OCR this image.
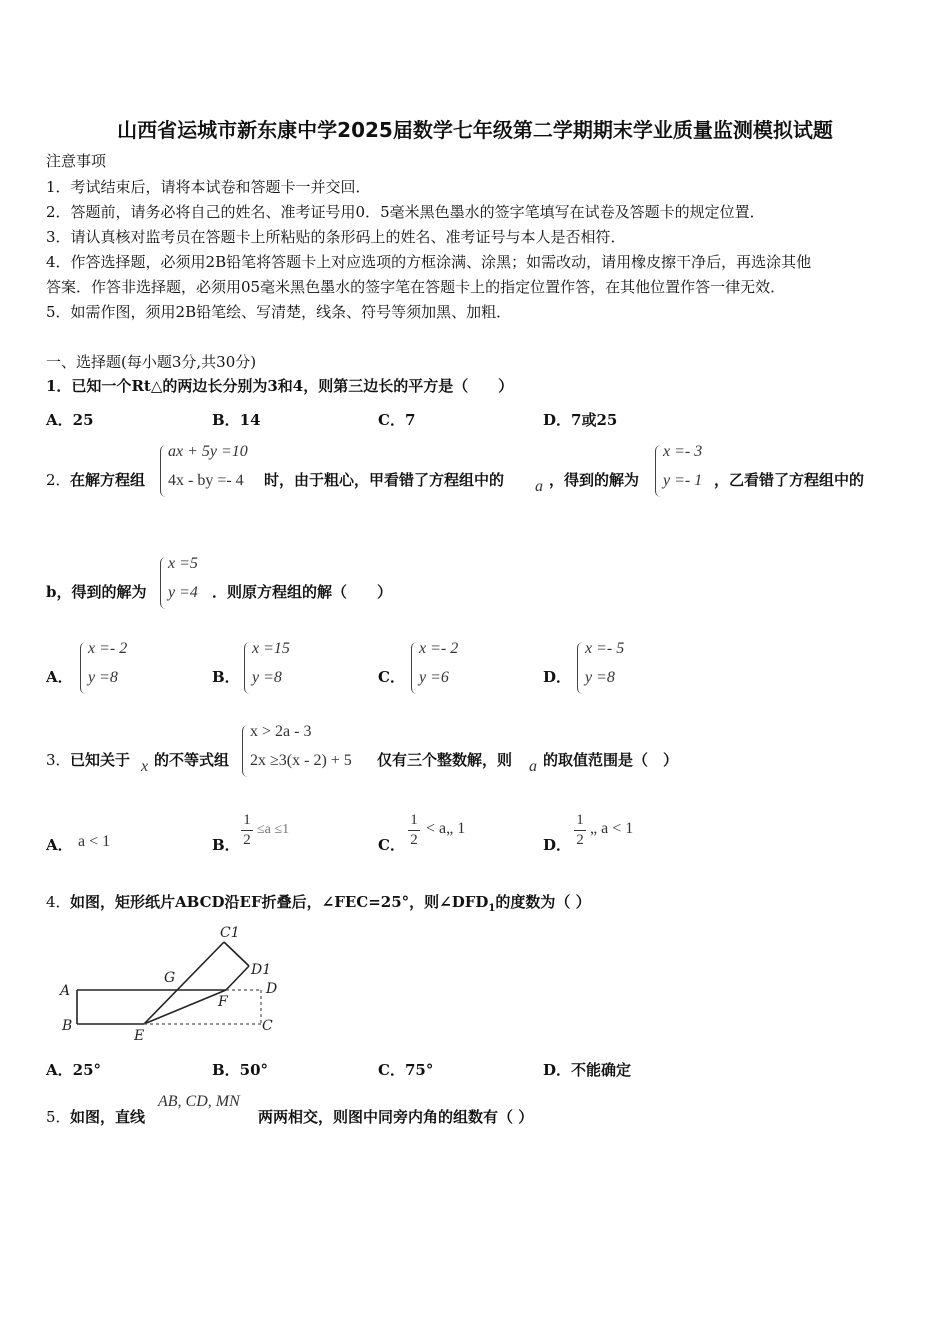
山西省运城市新东康中学2025届数学七年级第二学期期末学业质量监测模拟试题
注意事项
1．考试结束后，请将本试卷和答题卡一并交回．
2．答题前，请务必将自己的姓名、准考证号用0．5毫米黑色墨水的签字笔填写在试卷及答题卡的规定位置．
3．请认真核对监考员在答题卡上所粘贴的条形码上的姓名、准考证号与本人是否相符．
4．作答选择题，必须用2B铅笔将答题卡上对应选项的方框涂满、涂黑；如需改动，请用橡皮擦干净后，再选涂其他
答案．作答非选择题，必须用05毫米黑色墨水的签字笔在答题卡上的指定位置作答，在其他位置作答一律无效．
5．如需作图，须用2B铅笔绘、写清楚，线条、符号等须加黑、加粗．
一、选择题(每小题3分,共30分)
1．已知一个Rt△的两边长分别为3和4，则第三边长的平方是（　　）
A．25	B．14	C．7	D．7或25
2． 在解方程组
ax + 5y =10
4x - by =- 4 时，由于粗心，甲看错了方程组中的 a ，得到的解为
x =- 3
y =- 1 ，乙看错了方程组中的
b，得到的解为
x =5
y =4 ．则原方程组的解（　　）
A．
x =- 2
y =8	B．
x =15
y =8	C．
x =- 2
y =6	D．
x =- 5
y =8
3． 已知关于 x 的不等式组
x > 2a - 3
2x ≥3(x - 2) + 5 仅有三个整数解，则 a 的取值范围是（　）
A． a < 1	B．
1
2
≤a ≤1
C．
1
2
< a„ 1
D．
1
2
„ a < 1
4． 如图，矩形纸片ABCD沿EF折叠后，∠FEC=25°，则$\angle DFD_1$的度数为（ ）
A
B	C
D
E
F
G
C1
D1
A．25°	B．50°	C．75°	D．不能确定
5． 如图，直线
AB, CD, MN
两两相交，则图中同旁内角的组数有（ ）
